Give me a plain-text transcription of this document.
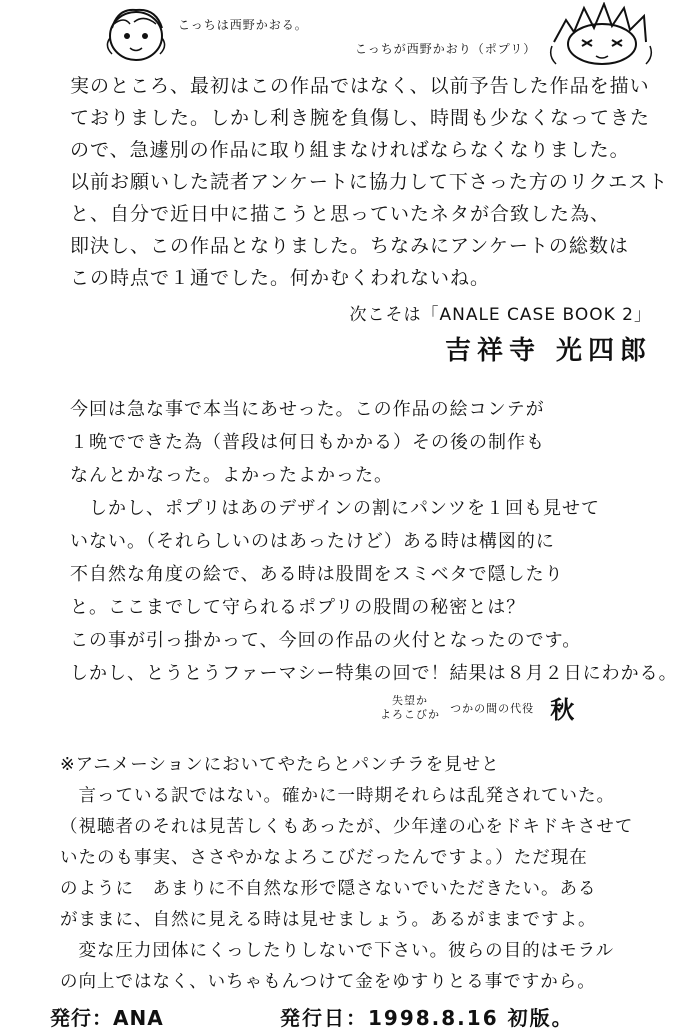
こっちは西野かおる。
こっちが西野かおり（ポプリ）
実のところ、最初はこの作品ではなく、以前予告した作品を描い
ておりました。しかし利き腕を負傷し、時間も少なくなってきた
ので、急遽別の作品に取り組まなければならなくなりました。
以前お願いした読者アンケートに協力して下さった方のリクエスト
と、自分で近日中に描こうと思っていたネタが合致した為、
即決し、この作品となりました。ちなみにアンケートの総数は
この時点で１通でした。何かむくわれないね。
次こそは「ANALE CASE BOOK 2」
吉祥寺 光四郎
今回は急な事で本当にあせった。この作品の絵コンテが
１晩でできた為（普段は何日もかかる）その後の制作も
なんとかなった。よかったよかった。
　しかし、ポプリはあのデザインの割にパンツを１回も見せて
いない。（それらしいのはあったけど）ある時は構図的に
不自然な角度の絵で、ある時は股間をスミベタで隠したり
と。ここまでして守られるポプリの股間の秘密とは？
この事が引っ掛かって、今回の作品の火付となったのです。
しかし、とうとうファーマシー特集の回で！結果は８月２日にわかる。
失望か
よろこびか つかの間の代役 秋
※アニメーションにおいてやたらとパンチラを見せと
　言っている訳ではない。確かに一時期それらは乱発されていた。
（視聴者のそれは見苦しくもあったが、少年達の心をドキドキさせて
いたのも事実、ささやかなよろこびだったんですよ。）ただ現在
のように　あまりに不自然な形で隠さないでいただきたい。ある
がままに、自然に見える時は見せましょう。あるがままですよ。
　変な圧力団体にくっしたりしないで下さい。彼らの目的はモラル
の向上ではなく、いちゃもんつけて金をゆすりとる事ですから。
発行：ANA	発行日：1998.8.16 初版。
